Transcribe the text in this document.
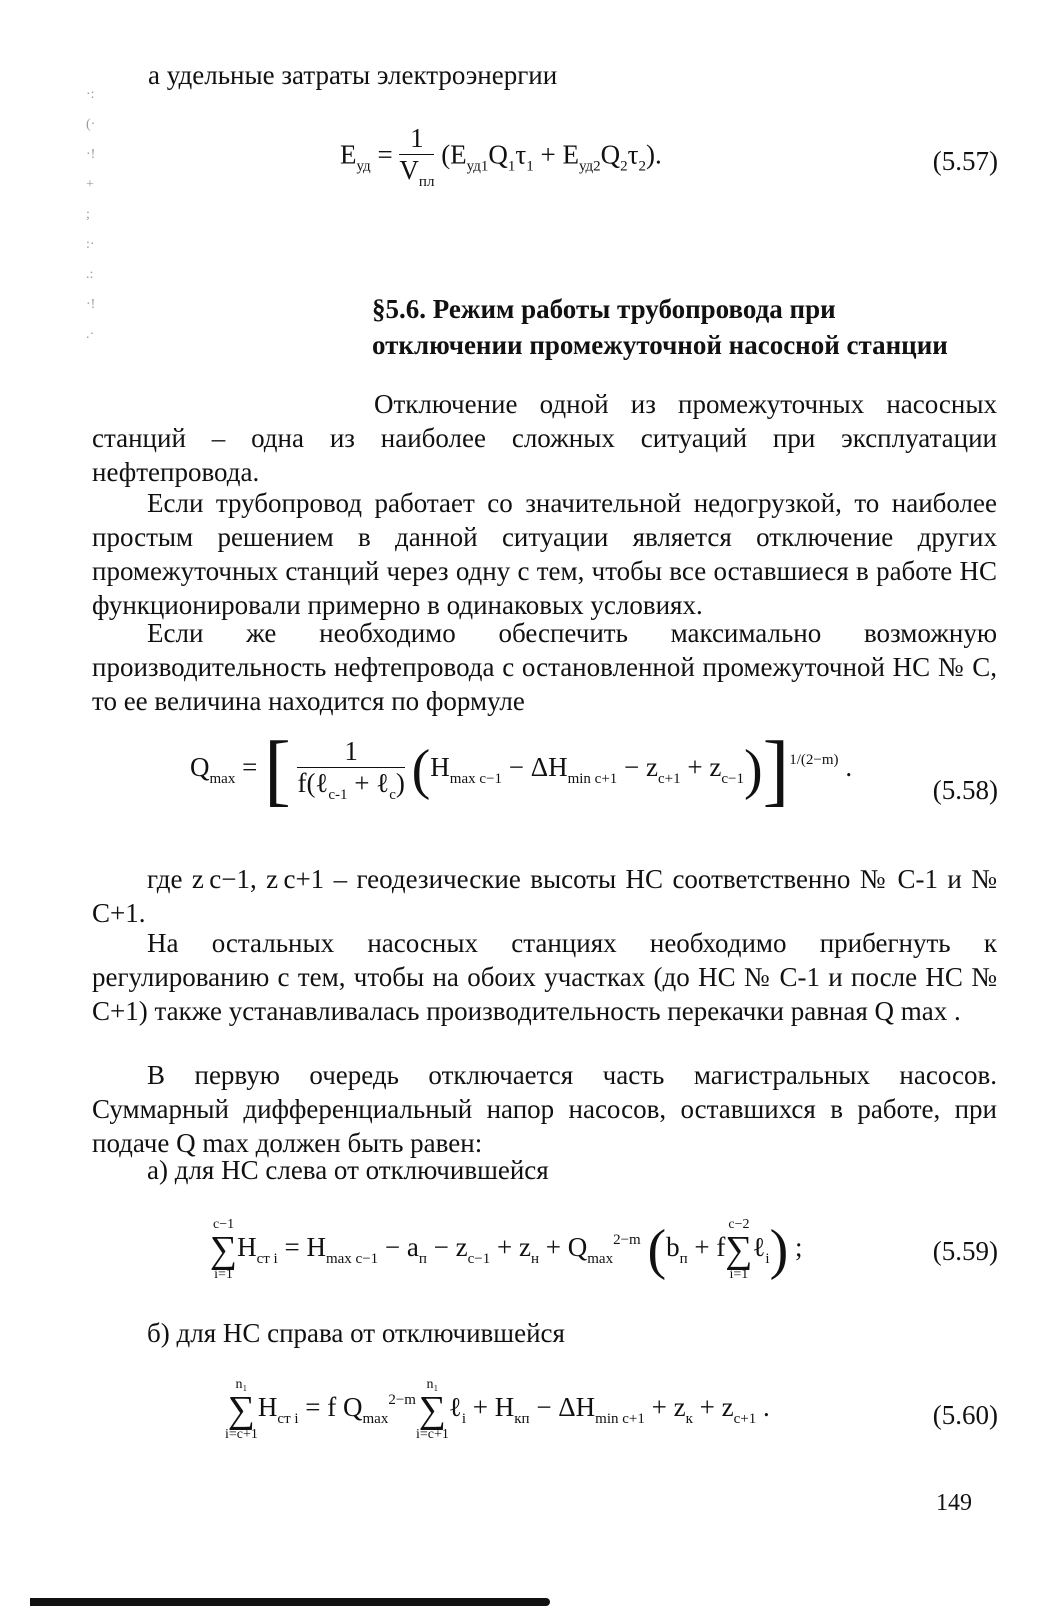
·:
(·
·!
+
;
:·
.:
·!
.·

а удельные затраты электроэнергии

$Е_{уд} = \frac{1}{V_{пл}} (Е_{уд1}Q_1\tau_1 + Е_{уд2}Q_2\tau_2)$.	(5.57)
§5.6. Режим работы трубопровода при отключении промежуточной насосной станции

Отключение одной из промежуточных насосных станций – одна из наиболее сложных ситуаций при эксплуатации нефтепровода.

Если трубопровод работает со значительной недогрузкой, то наиболее простым решением в данной ситуации является отключение других промежуточных станций через одну с тем, чтобы все оставшиеся в работе НС функционировали примерно в одинаковых условиях.

Если же необходимо обеспечить максимально возможную производительность нефтепровода с остановленной промежуточной НС № С, то ее величина находится по формуле

$Q_{max}$ = [ $\frac{1}{f(\ell_{c-1} + \ell_c)} (H_{max c-1} - \Delta H_{min c+1} - z_{c+1} + z_{c-1})]^{1/(2-m)}$ .
(5.58)

где z c−1, z c+1 – геодезические высоты НС соответственно № С-1 и № С+1.

На остальных насосных станциях необходимо прибегнуть к регулированию с тем, чтобы на обоих участках (до НС № С-1 и после НС № С+1) также устанавливалась производительность перекачки равная Q max .

В первую очередь отключается часть магистральных насосов. Суммарный дифференциальный напор насосов, оставшихся в работе, при подаче Q max должен быть равен:

а) для НС слева от отключившейся

c−1
∑
i=1
$H_{ст i} = H_{max c-1} - a_п - z_{c-1} + z_н + Q_{max}^{2-m}$ ($b_п + f$
c−2
∑
i=1
ℓ$_i$) ;	(5.59)

б) для НС справа от отключившейся

n₁
∑
i=c+1
$H_{ст i} = f$ $Q_{max}^{2-m}$
n₁
∑
i=c+1
ℓ$_i$ + $H_{кп} - \Delta H_{min c+1} + z_к + z_{c+1}$ .	(5.60)
149
